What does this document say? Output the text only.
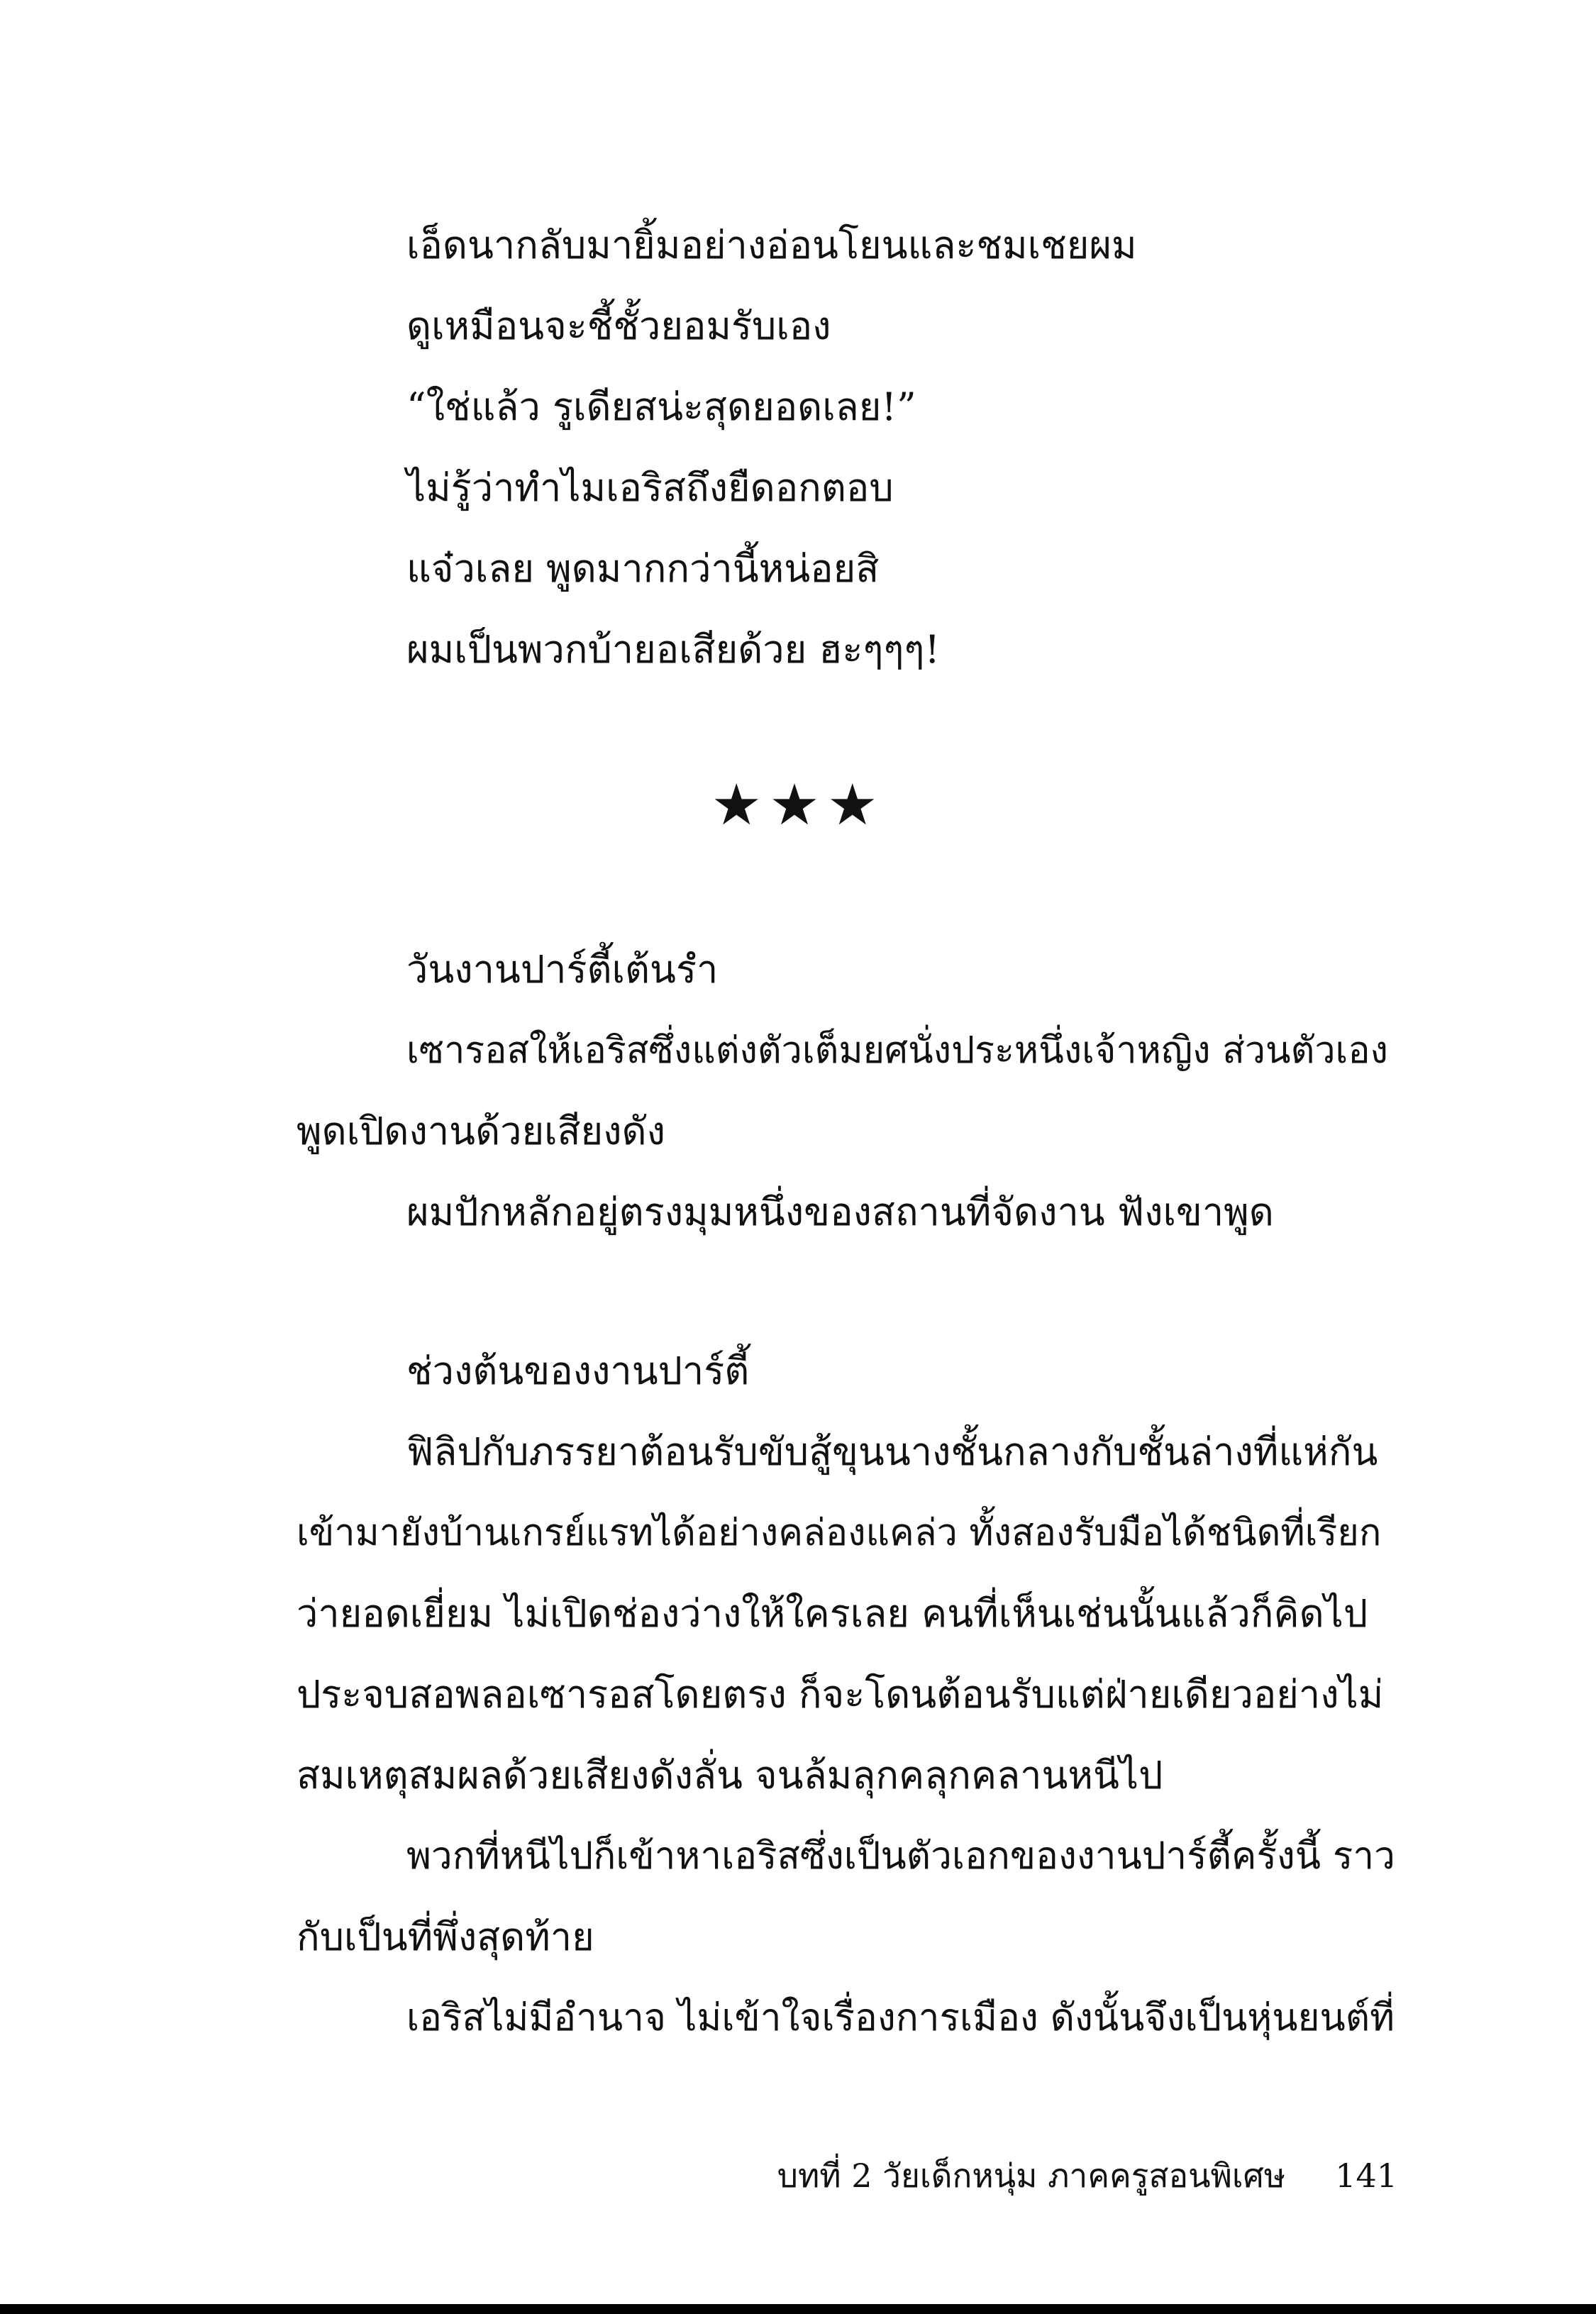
เอ็ดนากลับมายิ้มอย่างอ่อนโยนและชมเชยผม

ดูเหมือนจะชี้ชั้วยอมรับเอง

“ใช่แล้ว รูเดียสน่ะสุดยอดเลย!”

ไม่รู้ว่าทำไมเอริสถึงยืดอกตอบ

แจ๋วเลย พูดมากกว่านี้หน่อยสิ

ผมเป็นพวกบ้ายอเสียด้วย ฮะๆๆๆ!

★★★

วันงานปาร์ตี้เต้นรำ

เซารอสให้เอริสซึ่งแต่งตัวเต็มยศนั่งประหนึ่งเจ้าหญิง ส่วนตัวเอง

พูดเปิดงานด้วยเสียงดัง

ผมปักหลักอยู่ตรงมุมหนึ่งของสถานที่จัดงาน ฟังเขาพูด

ช่วงต้นของงานปาร์ตี้

ฟิลิปกับภรรยาต้อนรับขับสู้ขุนนางชั้นกลางกับชั้นล่างที่แห่กัน

เข้ามายังบ้านเกรย์แรทได้อย่างคล่องแคล่ว ทั้งสองรับมือได้ชนิดที่เรียก

ว่ายอดเยี่ยม ไม่เปิดช่องว่างให้ใครเลย คนที่เห็นเช่นนั้นแล้วก็คิดไป

ประจบสอพลอเซารอสโดยตรง ก็จะโดนต้อนรับแต่ฝ่ายเดียวอย่างไม่

สมเหตุสมผลด้วยเสียงดังลั่น จนล้มลุกคลุกคลานหนีไป

พวกที่หนีไปก็เข้าหาเอริสซึ่งเป็นตัวเอกของงานปาร์ตี้ครั้งนี้ ราว

กับเป็นที่พึ่งสุดท้าย

เอริสไม่มีอำนาจ ไม่เข้าใจเรื่องการเมือง ดังนั้นจึงเป็นหุ่นยนต์ที่

บทที่ 2 วัยเด็กหนุ่ม ภาคครูสอนพิเศษ 141
